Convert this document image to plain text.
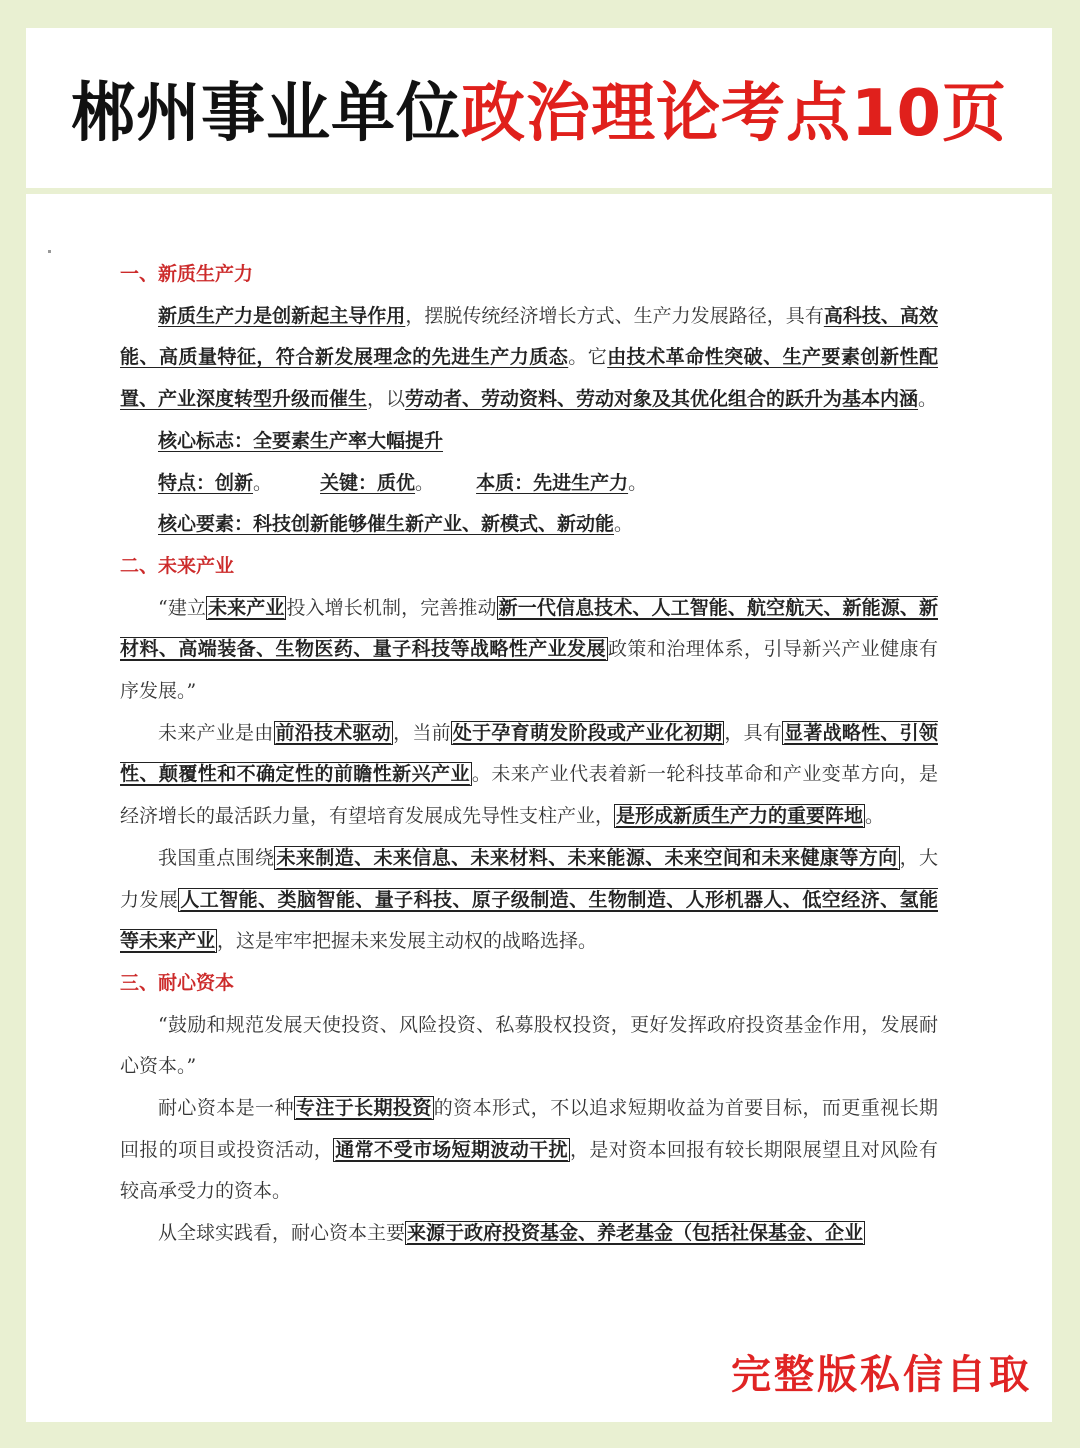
郴州事业单位政治理论考点10页

一、新质生产力

新质生产力是创新起主导作用，摆脱传统经济增长方式、生产力发展路径，具有高科技、高效能、高质量特征，符合新发展理念的先进生产力质态。它由技术革命性突破、生产要素创新性配置、产业深度转型升级而催生，以劳动者、劳动资料、劳动对象及其优化组合的跃升为基本内涵。

核心标志：全要素生产率大幅提升

特点：创新。	关键：质优。 本质：先进生产力。

核心要素：科技创新能够催生新产业、新模式、新动能。

二、未来产业

“建立 未来产业 投入增长机制，完善推动 新一代信息技术、人工智能、航空航天、新能源、新材料、高端装备、生物医药、量子科技等战略性产业发展 政策和治理体系，引导新兴产业健康有序发展。”

未来产业是由 前沿技术驱动 ，当前 处于孕育萌发阶段或产业化初期 ，具有 显著战略性、引领性、颠覆性和不确定性的前瞻性新兴产业 。未来产业代表着新一轮科技革命和产业变革方向，是经济增长的最活跃力量，有望培育发展成先导性支柱产业， 是形成新质生产力的重要阵地 。

我国重点围绕 未来制造、未来信息、未来材料、未来能源、未来空间和未来健康等方向 ，大力发展 人工智能、类脑智能、量子科技、原子级制造、生物制造、人形机器人、低空经济、氢能等未来产业 ，这是牢牢把握未来发展主动权的战略选择。

三、耐心资本

“鼓励和规范发展天使投资、风险投资、私募股权投资，更好发挥政府投资基金作用，发展耐心资本。”

耐心资本是一种 专注于长期投资 的资本形式，不以追求短期收益为首要目标，而更重视长期回报的项目或投资活动， 通常不受市场短期波动干扰 ，是对资本回报有较长期限展望且对风险有较高承受力的资本。

从全球实践看，耐心资本主要 来源于政府投资基金、养老基金（包括社保基金、企业

完整版私信自取
